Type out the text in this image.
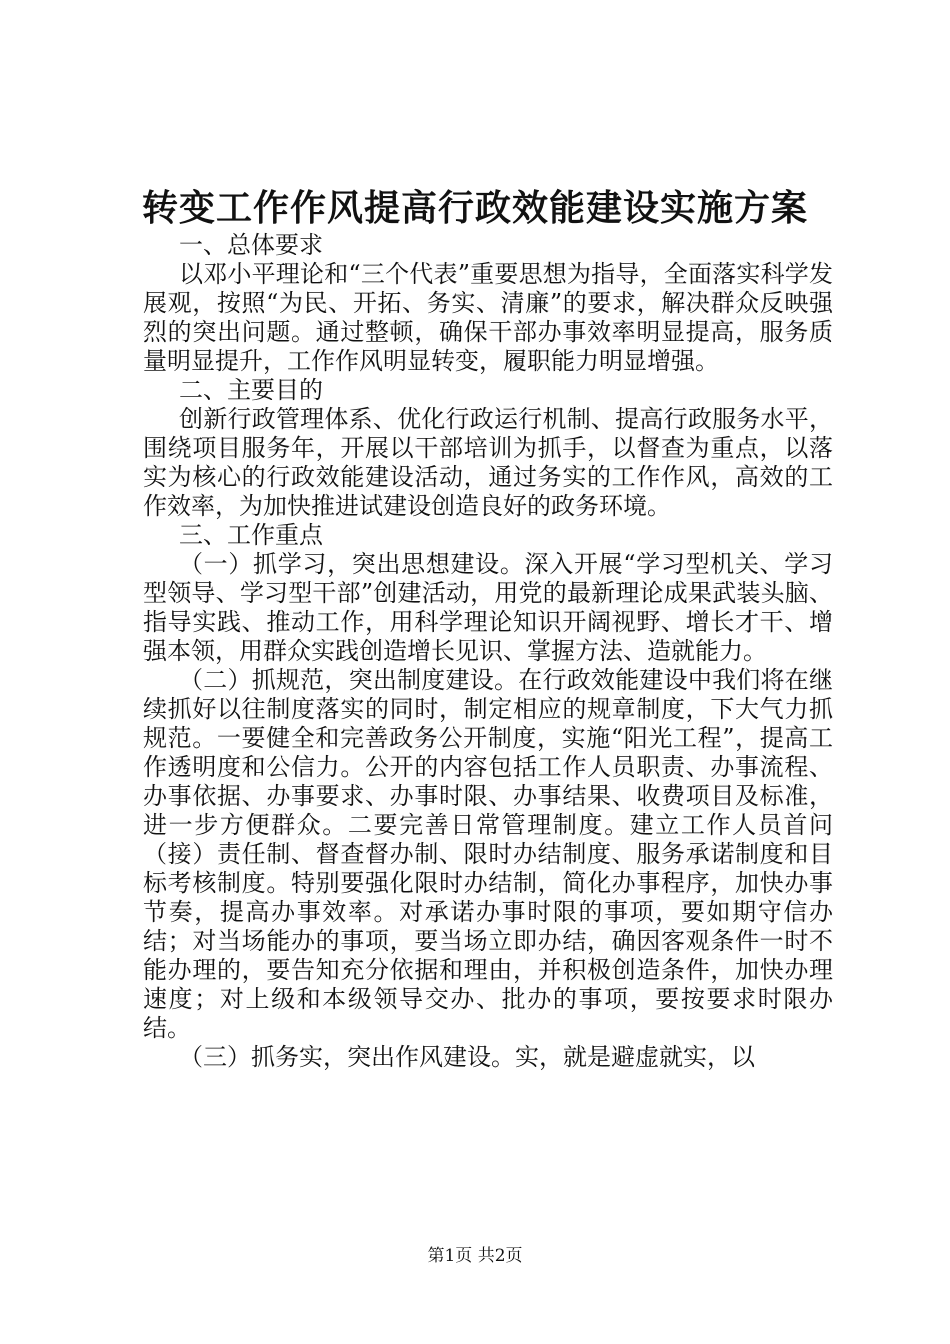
转变工作作风提高行政效能建设实施方案

一、总体要求

以邓小平理论和“三个代表”重要思想为指导，全面落实科学发展观，按照“为民、开拓、务实、清廉”的要求，解决群众反映强烈的突出问题。通过整顿，确保干部办事效率明显提高，服务质量明显提升，工作作风明显转变，履职能力明显增强。

二、主要目的

创新行政管理体系、优化行政运行机制、提高行政服务水平，围绕项目服务年，开展以干部培训为抓手，以督查为重点，以落实为核心的行政效能建设活动，通过务实的工作作风，高效的工作效率，为加快推进试建设创造良好的政务环境。

三、工作重点

（一）抓学习，突出思想建设。深入开展“学习型机关、学习型领导、学习型干部”创建活动，用党的最新理论成果武装头脑、指导实践、推动工作，用科学理论知识开阔视野、增长才干、增强本领，用群众实践创造增长见识、掌握方法、造就能力。

（二）抓规范，突出制度建设。在行政效能建设中我们将在继续抓好以往制度落实的同时，制定相应的规章制度，下大气力抓规范。一要健全和完善政务公开制度，实施“阳光工程”，提高工作透明度和公信力。公开的内容包括工作人员职责、办事流程、办事依据、办事要求、办事时限、办事结果、收费项目及标准，进一步方便群众。二要完善日常管理制度。建立工作人员首问（接）责任制、督查督办制、限时办结制度、服务承诺制度和目标考核制度。特别要强化限时办结制，简化办事程序，加快办事节奏，提高办事效率。对承诺办事时限的事项，要如期守信办结；对当场能办的事项，要当场立即办结，确因客观条件一时不能办理的，要告知充分依据和理由，并积极创造条件，加快办理速度；对上级和本级领导交办、批办的事项，要按要求时限办结。

（三）抓务实，突出作风建设。实，就是避虚就实，以

第1页 共2页
